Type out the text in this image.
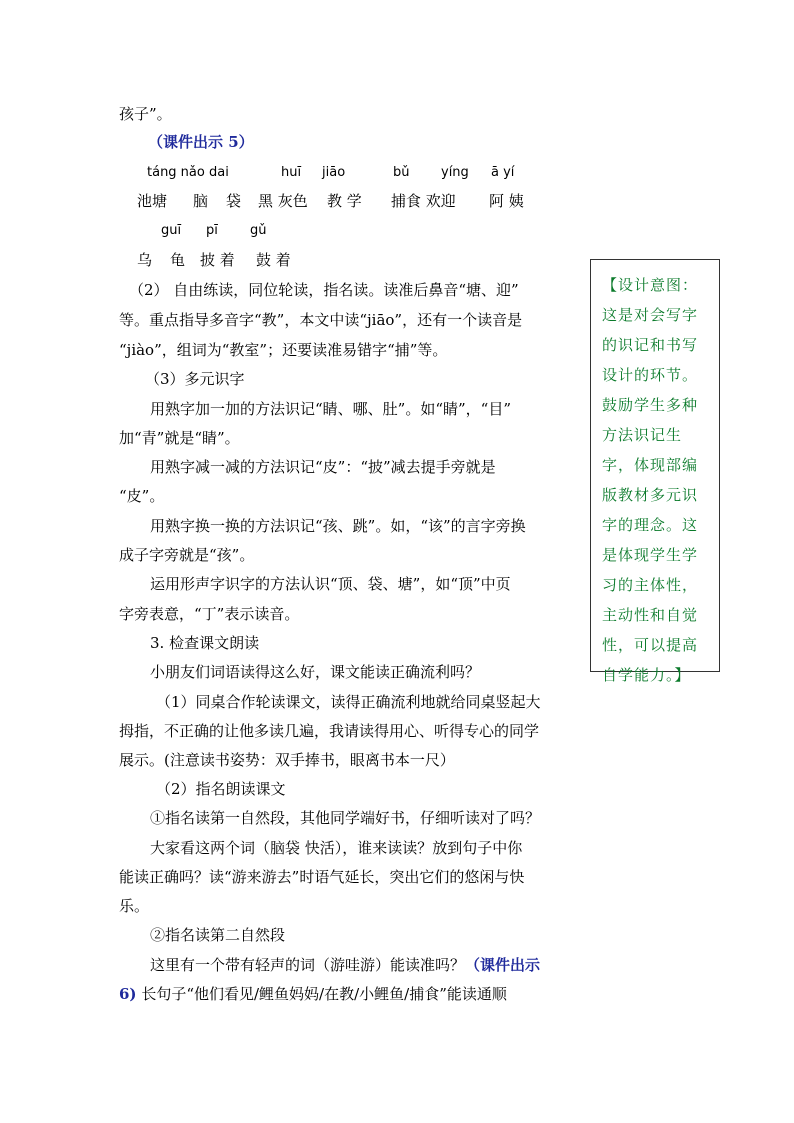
孩子”。
（课件出示 5）
táng nǎo dai	huī jiāo	bǔ yíng ā yí
池塘 脑 袋 黑 灰色 教 学 捕食 欢迎 阿 姨
guī pī gǔ
乌 龟 披 着 鼓 着
（2） 自由练读，同位轮读，指名读。读准后鼻音“塘、迎”
等。重点指导多音字“教”，本文中读“jiāo”，还有一个读音是
“jiào”，组词为“教室”；还要读准易错字“捕”等。
（3）多元识字
用熟字加一加的方法识记“睛、哪、肚”。如“睛”，“目”
加“青”就是“睛”。
用熟字减一减的方法识记“皮”：“披”减去提手旁就是
“皮”。
用熟字换一换的方法识记“孩、跳”。如，“该”的言字旁换
成子字旁就是“孩”。
运用形声字识字的方法认识“顶、袋、塘”，如“顶”中页
字旁表意，“丁”表示读音。
3. 检查课文朗读
小朋友们词语读得这么好，课文能读正确流利吗？
（1）同桌合作轮读课文，读得正确流利地就给同桌竖起大
拇指，不正确的让他多读几遍，我请读得用心、听得专心的同学
展示。(注意读书姿势：双手捧书，眼离书本一尺）
（2）指名朗读课文
①指名读第一自然段，其他同学端好书，仔细听读对了吗？
大家看这两个词（脑袋 快活），谁来读读？放到句子中你
能读正确吗？读“游来游去”时语气延长，突出它们的悠闲与快
乐。
②指名读第二自然段
这里有一个带有轻声的词（游哇游）能读准吗？（课件出示
6) 长句子“他们看见/鲤鱼妈妈/在教/小鲤鱼/捕食”能读通顺
【设计意图：这是对会写字的识记和书写设计的环节。鼓励学生多种方法识记生字，体现部编版教材多元识字的理念。这是体现学生学习的主体性，主动性和自觉性，可以提高自学能力。】
